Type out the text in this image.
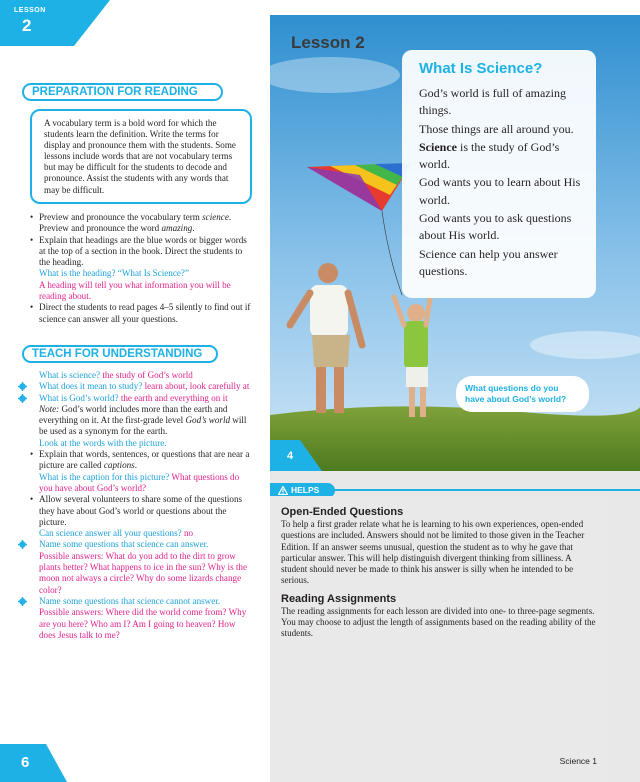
LESSON
2
PREPARATION FOR READING
A vocabulary term is a bold word for which the students learn the definition. Write the terms for display and pronounce them with the students. Some lessons include words that are not vocabulary terms but may be difficult for the students to decode and pronounce. Assist the students with any words that may be difficult.
• Preview and pronounce the vocabulary term science. Preview and pronounce the word amazing.
• Explain that headings are the blue words or bigger words at the top of a section in the book. Direct the students to the heading.
What is the heading? “What Is Science?”
A heading will tell you what information you will be reading about.
• Direct the students to read pages 4–5 silently to find out if science can answer all your questions.
TEACH FOR UNDERSTANDING
What is science? the study of God’s world
What does it mean to study? learn about, look carefully at
What is God’s world? the earth and everything on it
Note: God’s world includes more than the earth and everything on it. At the first-grade level God’s world will be used as a synonym for the earth.
Look at the words with the picture.
• Explain that words, sentences, or questions that are near a picture are called captions.
What is the caption for this picture? What questions do you have about God’s world?
• Allow several volunteers to share some of the questions they have about God’s world or questions about the picture.
Can science answer all your questions? no
Name some questions that science can answer.
Possible answers: What do you add to the dirt to grow plants better? What happens to ice in the sun? Why is the moon not always a circle? Why do some lizards change color?
Name some questions that science cannot answer.
Possible answers: Where did the world come from? Why are you here? Who am I? Am I going to heaven? How does Jesus talk to me?
Lesson 2
What Is Science?

God’s world is full of amazing things.

Those things are all around you.

Science is the study of God’s world.

God wants you to learn about His world.

God wants you to ask questions about His world.

Science can help you answer questions.

What questions do you have about God’s world?
4
HELPS
Open-Ended Questions

To help a first grader relate what he is learning to his own experiences, open-ended questions are included. Answers should not be limited to those given in the Teacher Edition. If an answer seems unusual, question the student as to why he gave that particular answer. This will help distinguish divergent thinking from silliness. A student should never be made to think his answer is silly when he intended to be serious.

Reading Assignments

The reading assignments for each lesson are divided into one- to three-page segments. You may choose to adjust the length of assignments based on the reading ability of the students.

6	Science 1
